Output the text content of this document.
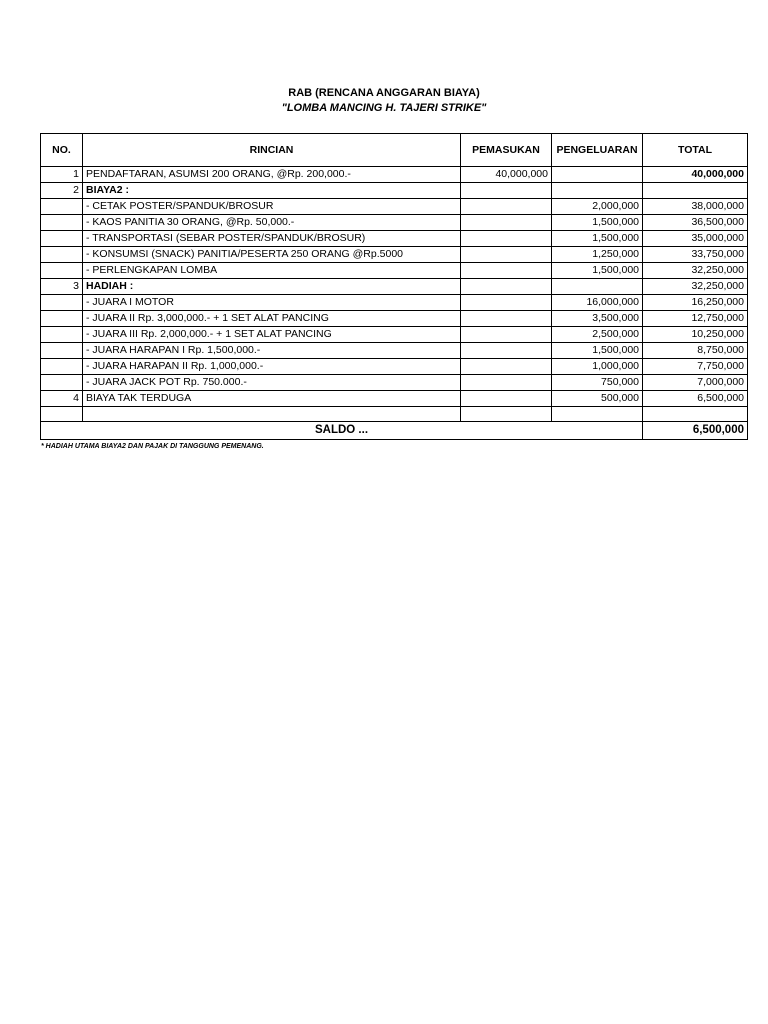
RAB (RENCANA ANGGARAN BIAYA)
"LOMBA MANCING H. TAJERI STRIKE"
NO.	RINCIAN	PEMASUKAN	PENGELUARAN	TOTAL
1	PENDAFTARAN, ASUMSI 200 ORANG, @Rp. 200,000.-	40,000,000		40,000,000
2	BIAYA2 :			
	- CETAK POSTER/SPANDUK/BROSUR		2,000,000	38,000,000
	- KAOS PANITIA 30 ORANG, @Rp. 50,000.-		1,500,000	36,500,000
	- TRANSPORTASI (SEBAR POSTER/SPANDUK/BROSUR)		1,500,000	35,000,000
	- KONSUMSI (SNACK) PANITIA/PESERTA 250 ORANG @Rp.5000		1,250,000	33,750,000
	- PERLENGKAPAN LOMBA		1,500,000	32,250,000
3	HADIAH :			32,250,000
	- JUARA I MOTOR		16,000,000	16,250,000
	- JUARA II Rp. 3,000,000.- + 1 SET ALAT PANCING		3,500,000	12,750,000
	- JUARA III Rp. 2,000,000.- + 1 SET ALAT PANCING		2,500,000	10,250,000
	- JUARA HARAPAN I Rp. 1,500,000.-		1,500,000	8,750,000
	- JUARA HARAPAN II Rp. 1,000,000.-		1,000,000	7,750,000
	- JUARA JACK POT Rp. 750.000.-		750,000	7,000,000
4	BIAYA TAK TERDUGA		500,000	6,500,000

SALDO ...				6,500,000
* HADIAH UTAMA BIAYA2 DAN PAJAK DI TANGGUNG PEMENANG.
